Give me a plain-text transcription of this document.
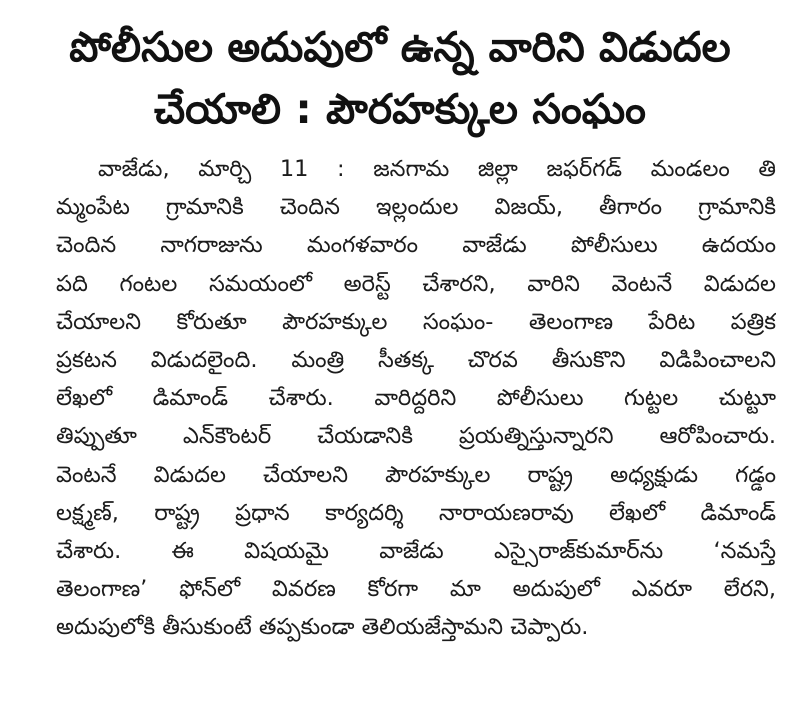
పోలీసుల అదుపులో ఉన్న వారిని విడుదల
చేయాలి : పౌరహక్కుల సంఘం
వాజేడు, మార్చి 11 : జనగామ జిల్లా జఫర్‌గడ్ మండలం తి
మ్మంపేట గ్రామానికి చెందిన ఇల్లందుల విజయ్, తీగారం గ్రామానికి
చెందిన నాగరాజును మంగళవారం వాజేడు పోలీసులు ఉదయం
పది గంటల సమయంలో అరెస్ట్ చేశారని, వారిని వెంటనే విడుదల
చేయాలని కోరుతూ పౌరహక్కుల సంఘం- తెలంగాణ పేరిట పత్రిక
ప్రకటన విడుదలైంది. మంత్రి సీతక్క చొరవ తీసుకొని విడిపించాలని
లేఖలో డిమాండ్ చేశారు. వారిద్దరిని పోలీసులు గుట్టల చుట్టూ
తిప్పుతూ ఎన్‌కౌంటర్ చేయడానికి ప్రయత్నిస్తున్నారని ఆరోపించారు.
వెంటనే విడుదల చేయాలని పౌరహక్కుల రాష్ట్ర అధ్యక్షుడు గడ్డం
లక్ష్మణ్, రాష్ట్ర ప్రధాన కార్యదర్శి నారాయణరావు లేఖలో డిమాండ్
చేశారు. ఈ విషయమై వాజేడు ఎస్సైరాజ్‌కుమార్‌ను ‘నమస్తే
తెలంగాణ’ ఫోన్‌లో వివరణ కోరగా మా అదుపులో ఎవరూ లేరని,
అదుపులోకి తీసుకుంటే తప్పకుండా తెలియజేస్తామని చెప్పారు.
